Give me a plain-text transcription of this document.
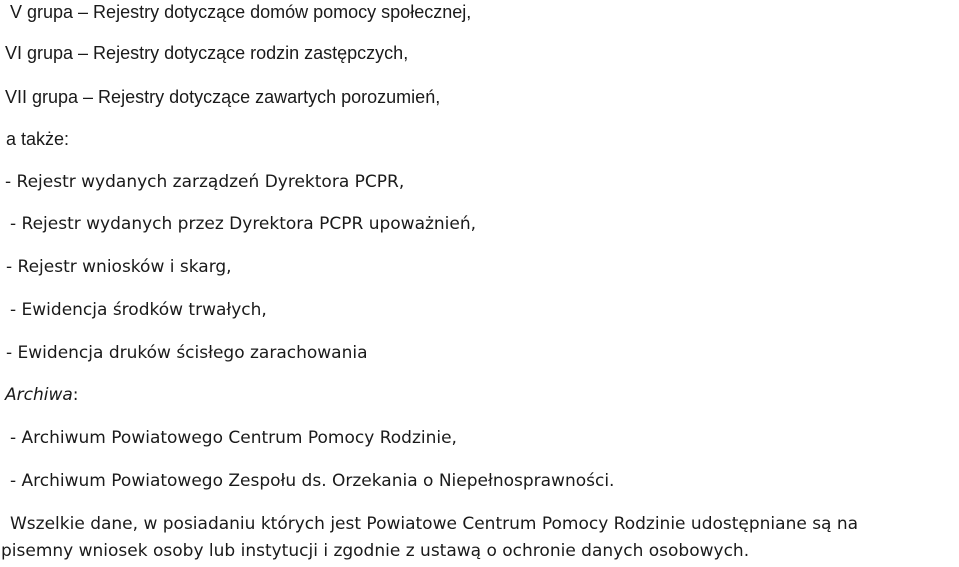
V grupa – Rejestry dotyczące domów pomocy społecznej,
VI grupa – Rejestry dotyczące rodzin zastępczych,
VII grupa – Rejestry dotyczące zawartych porozumień,
a także:
- Rejestr wydanych zarządzeń Dyrektora PCPR,
- Rejestr wydanych przez Dyrektora PCPR upoważnień,
- Rejestr wniosków i skarg,
- Ewidencja środków trwałych,
- Ewidencja druków ścisłego zarachowania
Archiwa:
- Archiwum Powiatowego Centrum Pomocy Rodzinie,
- Archiwum Powiatowego Zespołu ds. Orzekania o Niepełnosprawności.
Wszelkie dane, w posiadaniu których jest Powiatowe Centrum Pomocy Rodzinie udostępniane są na
pisemny wniosek osoby lub instytucji i zgodnie z ustawą o ochronie danych osobowych.
